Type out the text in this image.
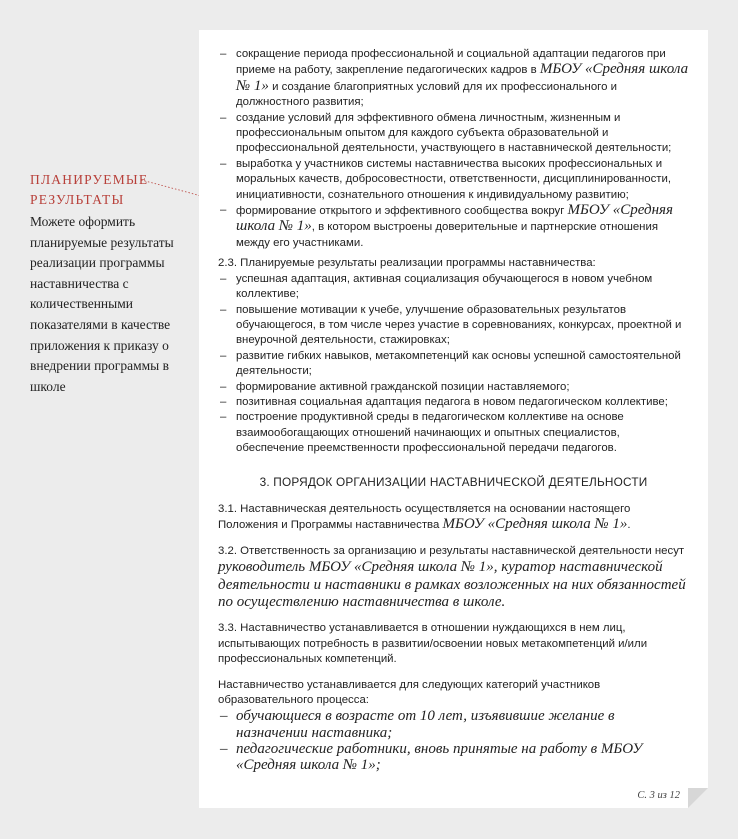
ПЛАНИРУЕМЫЕ РЕЗУЛЬТАТЫ

Можете оформить планируемые результаты реализации программы наставничества с количественными показателями в качестве приложения к приказу о внедрении программы в школе

– сокращение периода профессиональной и социальной адаптации педагогов при приеме на работу, закрепление педагогических кадров в МБОУ «Средняя школа № 1» и создание благоприятных условий для их профессионального и должностного развития;
– создание условий для эффективного обмена личностным, жизненным и профессиональным опытом для каждого субъекта образовательной и профессиональной деятельности, участвующего в наставнической деятельности;
– выработка у участников системы наставничества высоких профессиональных и моральных качеств, добросовестности, ответственности, дисциплинированности, инициативности, сознательного отношения к индивидуальному развитию;
– формирование открытого и эффективного сообщества вокруг МБОУ «Средняя школа № 1», в котором выстроены доверительные и партнерские отношения между его участниками.

2.3. Планируемые результаты реализации программы наставничества:

– успешная адаптация, активная социализация обучающегося в новом учебном коллективе;
– повышение мотивации к учебе, улучшение образовательных результатов обучающегося, в том числе через участие в соревнованиях, конкурсах, проектной и внеурочной деятельности, стажировках;
– развитие гибких навыков, метакомпетенций как основы успешной самостоятельной деятельности;
– формирование активной гражданской позиции наставляемого;
– позитивная социальная адаптация педагога в новом педагогическом коллективе;
– построение продуктивной среды в педагогическом коллективе на основе взаимообогащающих отношений начинающих и опытных специалистов, обеспечение преемственности профессиональной передачи педагогов.

3. ПОРЯДОК ОРГАНИЗАЦИИ НАСТАВНИЧЕСКОЙ ДЕЯТЕЛЬНОСТИ

3.1. Наставническая деятельность осуществляется на основании настоящего Положения и Программы наставничества МБОУ «Средняя школа № 1».

3.2. Ответственность за организацию и результаты наставнической деятельности несут руководитель МБОУ «Средняя школа № 1», куратор наставнической деятельности и наставники в рамках возложенных на них обязанностей по осуществлению наставничества в школе.

3.3. Наставничество устанавливается в отношении нуждающихся в нем лиц, испытывающих потребность в развитии/освоении новых метакомпетенций и/или профессиональных компетенций.

Наставничество устанавливается для следующих категорий участников образовательного процесса:

– обучающиеся в возрасте от 10 лет, изъявившие желание в назначении наставника;
– педагогические работники, вновь принятые на работу в МБОУ «Средняя школа № 1»;
С. 3 из 12
